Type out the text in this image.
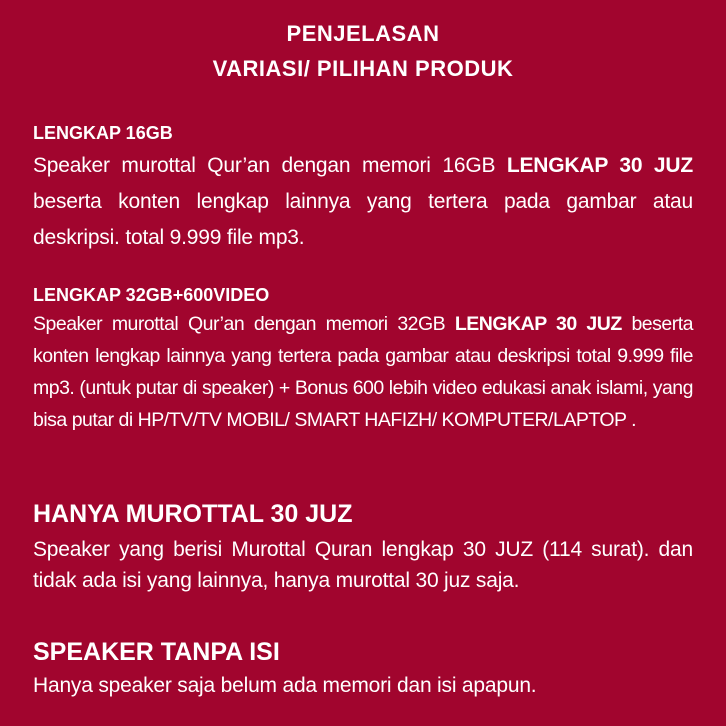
PENJELASAN
VARIASI/ PILIHAN PRODUK

LENGKAP 16GB

Speaker murottal Qur’an dengan memori 16GB LENGKAP 30 JUZ beserta konten lengkap lainnya yang tertera pada gambar atau deskripsi. total 9.999 file mp3.

LENGKAP 32GB+600VIDEO

Speaker murottal Qur’an dengan memori 32GB LENGKAP 30 JUZ beserta konten lengkap lainnya yang tertera pada gambar atau deskripsi total 9.999 file mp3. (untuk putar di speaker) + Bonus 600 lebih video edukasi anak islami, yang bisa putar di HP/TV/TV MOBIL/ SMART HAFIZH/ KOMPUTER/LAPTOP .

HANYA MUROTTAL 30 JUZ

Speaker yang berisi Murottal Quran lengkap 30 JUZ (114 surat). dan tidak ada isi yang lainnya, hanya murottal 30 juz saja.

SPEAKER TANPA ISI

Hanya speaker saja belum ada memori dan isi apapun.
